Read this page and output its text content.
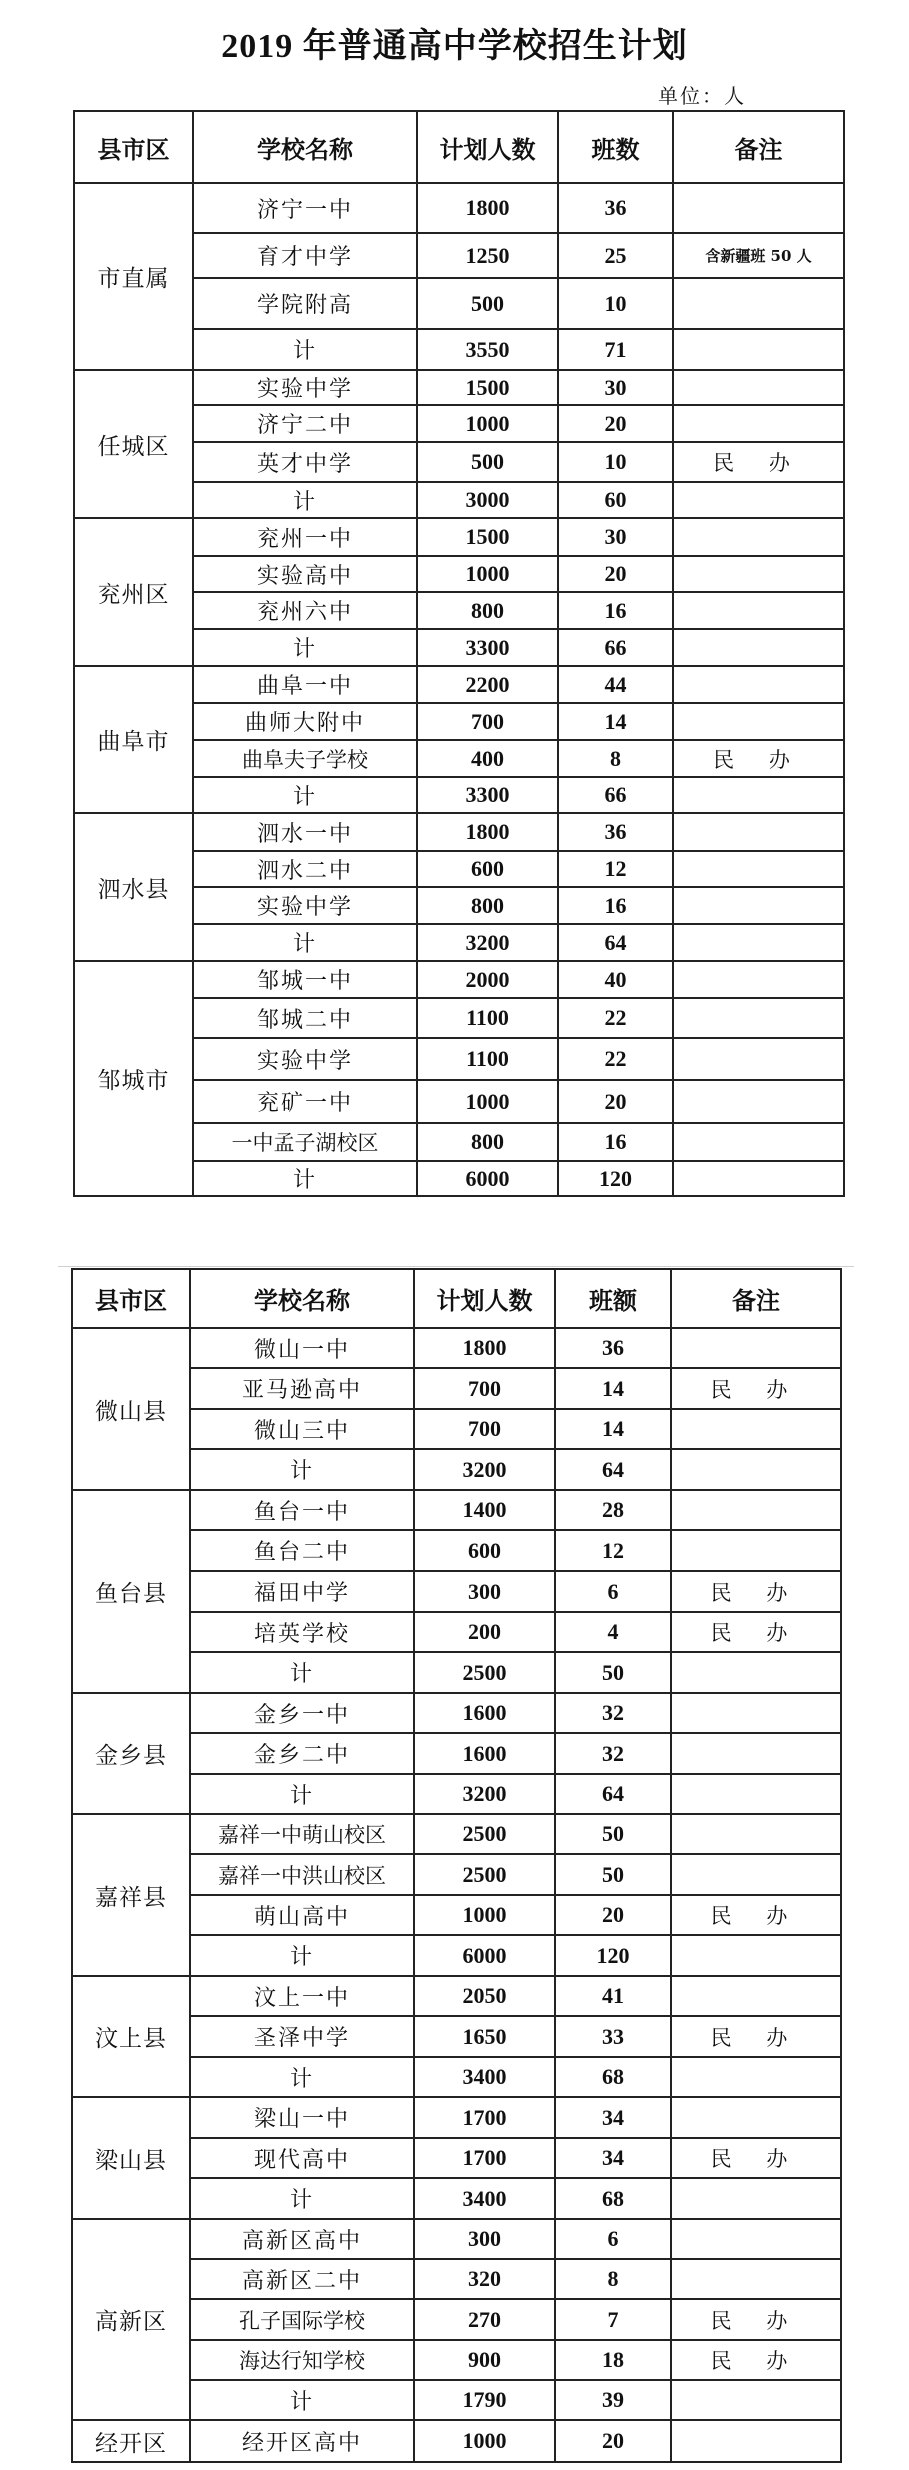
2019 年普通高中学校招生计划
单位：人
县市区	学校名称	计划人数	班数	备注
市直属	济宁一中	1800	36	
	育才中学	1250	25	含新疆班 50 人
	学院附高	500	10	
	计	3550	71	
任城区	实验中学	1500	30	
	济宁二中	1000	20	
	英才中学	500	10	民 办
	计	3000	60	
兖州区	兖州一中	1500	30	
	实验高中	1000	20	
	兖州六中	800	16	
	计	3300	66	
曲阜市	曲阜一中	2200	44	
	曲师大附中	700	14	
	曲阜夫子学校	400	8	民 办
	计	3300	66	
泗水县	泗水一中	1800	36	
	泗水二中	600	12	
	实验中学	800	16	
	计	3200	64	
邹城市	邹城一中	2000	40	
	邹城二中	1100	22	
	实验中学	1100	22	
	兖矿一中	1000	20	
	一中孟子湖校区	800	16	
	计	6000	120	
县市区	学校名称	计划人数	班额	备注
微山县	微山一中	1800	36	
	亚马逊高中	700	14	民 办
	微山三中	700	14	
	计	3200	64	
鱼台县	鱼台一中	1400	28	
	鱼台二中	600	12	
	福田中学	300	6	民 办
	培英学校	200	4	民 办
	计	2500	50	
金乡县	金乡一中	1600	32	
	金乡二中	1600	32	
	计	3200	64	
嘉祥县	嘉祥一中萌山校区	2500	50	
	嘉祥一中洪山校区	2500	50	
	萌山高中	1000	20	民 办
	计	6000	120	
汶上县	汶上一中	2050	41	
	圣泽中学	1650	33	民 办
	计	3400	68	
梁山县	梁山一中	1700	34	
	现代高中	1700	34	民 办
	计	3400	68	
高新区	高新区高中	300	6	
	高新区二中	320	8	
	孔子国际学校	270	7	民 办
	海达行知学校	900	18	民 办
	计	1790	39	
经开区	经开区高中	1000	20	
